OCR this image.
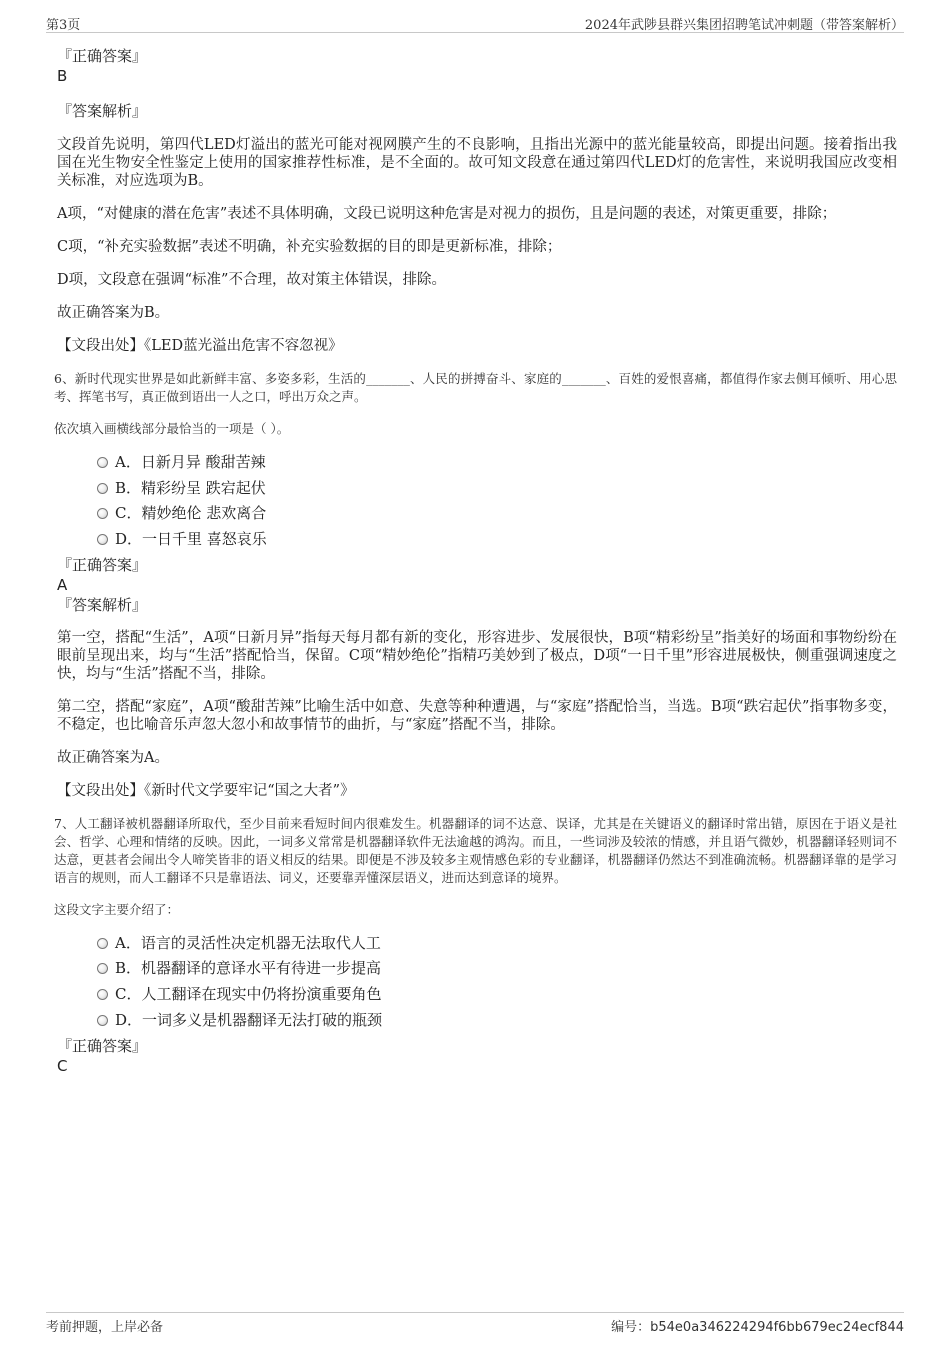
第3页	2024年武陟县群兴集团招聘笔试冲刺题（带答案解析）

『正确答案』

B

『答案解析』

文段首先说明，第四代LED灯溢出的蓝光可能对视网膜产生的不良影响，且指出光源中的蓝光能量较高，即提出问题。接着指出我国在光生物安全性鉴定上使用的国家推荐性标准，是不全面的。故可知文段意在通过第四代LED灯的危害性，来说明我国应改变相关标准，对应选项为B。

A项，“对健康的潜在危害”表述不具体明确，文段已说明这种危害是对视力的损伤，且是问题的表述，对策更重要，排除；

C项，“补充实验数据”表述不明确，补充实验数据的目的即是更新标准，排除；

D项，文段意在强调“标准”不合理，故对策主体错误，排除。

故正确答案为B。

【文段出处】《LED蓝光溢出危害不容忽视》

6、新时代现实世界是如此新鲜丰富、多姿多彩，生活的_______、人民的拼搏奋斗、家庭的_______、百姓的爱恨喜痛，都值得作家去侧耳倾听、用心思考、挥笔书写，真正做到语出一人之口，呼出万众之声。

依次填入画横线部分最恰当的一项是（ ）。

A．日新月异 酸甜苦辣
B．精彩纷呈 跌宕起伏
C．精妙绝伦 悲欢离合
D．一日千里 喜怒哀乐

『正确答案』

A

『答案解析』

第一空，搭配“生活”，A项“日新月异”指每天每月都有新的变化，形容进步、发展很快，B项“精彩纷呈”指美好的场面和事物纷纷在眼前呈现出来，均与“生活”搭配恰当，保留。C项“精妙绝伦”指精巧美妙到了极点，D项“一日千里”形容进展极快，侧重强调速度之快，均与“生活”搭配不当，排除。

第二空，搭配“家庭”，A项“酸甜苦辣”比喻生活中如意、失意等种种遭遇，与“家庭”搭配恰当，当选。B项“跌宕起伏”指事物多变，不稳定，也比喻音乐声忽大忽小和故事情节的曲折，与“家庭”搭配不当，排除。

故正确答案为A。

【文段出处】《新时代文学要牢记“国之大者”》

7、人工翻译被机器翻译所取代，至少目前来看短时间内很难发生。机器翻译的词不达意、误译，尤其是在关键语义的翻译时常出错，原因在于语义是社会、哲学、心理和情绪的反映。因此，一词多义常常是机器翻译软件无法逾越的鸿沟。而且，一些词涉及较浓的情感，并且语气微妙，机器翻译轻则词不达意，更甚者会闹出令人啼笑皆非的语义相反的结果。即便是不涉及较多主观情感色彩的专业翻译，机器翻译仍然达不到准确流畅。机器翻译靠的是学习语言的规则，而人工翻译不只是靠语法、词义，还要靠弄懂深层语义，进而达到意译的境界。

这段文字主要介绍了：

A．语言的灵活性决定机器无法取代人工
B．机器翻译的意译水平有待进一步提高
C．人工翻译在现实中仍将扮演重要角色
D．一词多义是机器翻译无法打破的瓶颈

『正确答案』

C

考前押题，上岸必备	编号：b54e0a346224294f6bb679ec24ecf844
